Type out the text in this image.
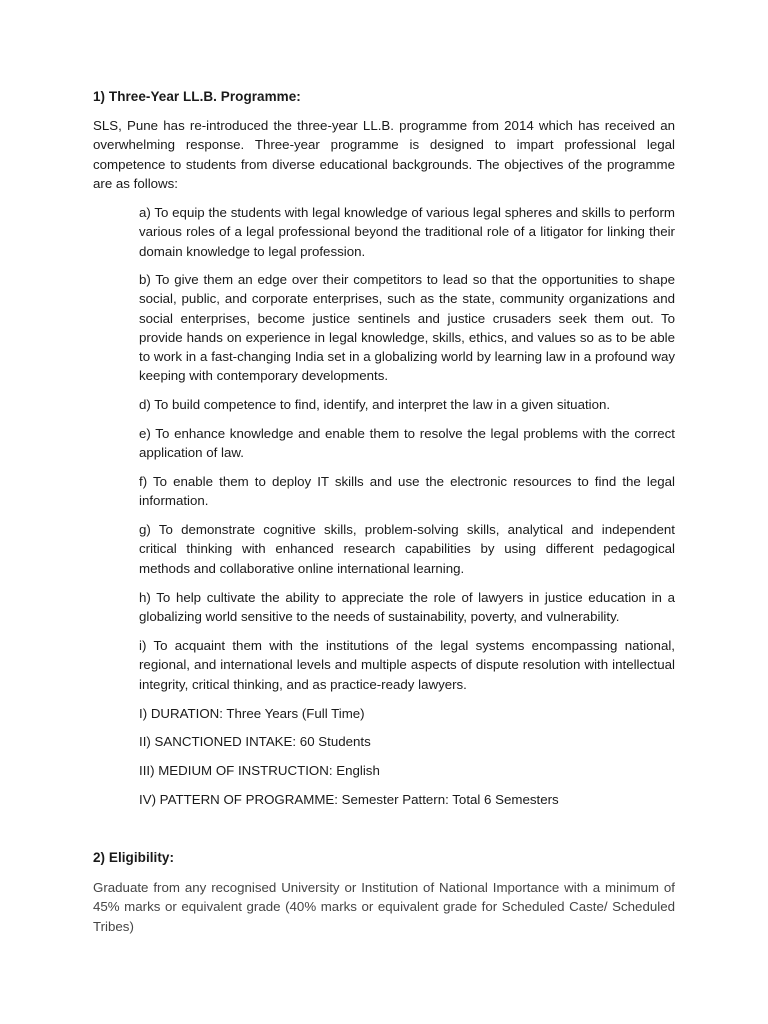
1) Three-Year LL.B. Programme:

SLS, Pune has re-introduced the three-year LL.B. programme from 2014 which has received an overwhelming response. Three-year programme is designed to impart professional legal competence to students from diverse educational backgrounds. The objectives of the programme are as follows:

a) To equip the students with legal knowledge of various legal spheres and skills to perform various roles of a legal professional beyond the traditional role of a litigator for linking their domain knowledge to legal profession.

b) To give them an edge over their competitors to lead so that the opportunities to shape social, public, and corporate enterprises, such as the state, community organizations and social enterprises, become justice sentinels and justice crusaders seek them out. To provide hands on experience in legal knowledge, skills, ethics, and values so as to be able to work in a fast-changing India set in a globalizing world by learning law in a profound way keeping with contemporary developments.

d) To build competence to find, identify, and interpret the law in a given situation.

e) To enhance knowledge and enable them to resolve the legal problems with the correct application of law.

f) To enable them to deploy IT skills and use the electronic resources to find the legal information.

g) To demonstrate cognitive skills, problem-solving skills, analytical and independent critical thinking with enhanced research capabilities by using different pedagogical methods and collaborative online international learning.

h) To help cultivate the ability to appreciate the role of lawyers in justice education in a globalizing world sensitive to the needs of sustainability, poverty, and vulnerability.

i) To acquaint them with the institutions of the legal systems encompassing national, regional, and international levels and multiple aspects of dispute resolution with intellectual integrity, critical thinking, and as practice-ready lawyers.

I) DURATION: Three Years (Full Time)

II) SANCTIONED INTAKE: 60 Students

III) MEDIUM OF INSTRUCTION: English

IV) PATTERN OF PROGRAMME: Semester Pattern: Total 6 Semesters

2) Eligibility:

Graduate from any recognised University or Institution of National Importance with a minimum of 45% marks or equivalent grade (40% marks or equivalent grade for Scheduled Caste/ Scheduled Tribes)
